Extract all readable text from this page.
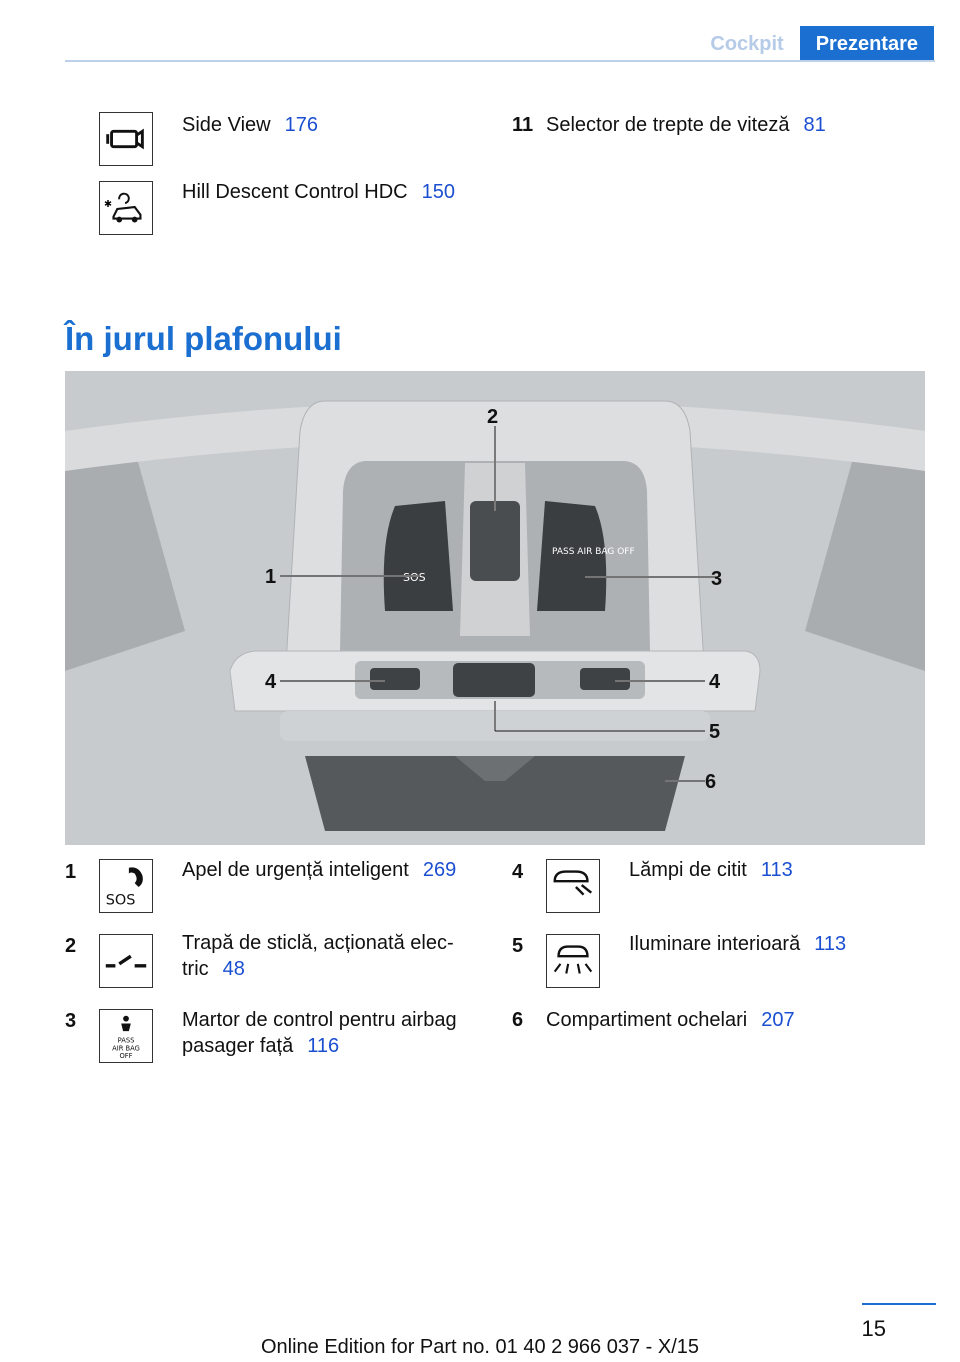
Cockpit	Prezentare
Side View 176
✱
Hill Descent Control HDC 150
11 Selector de trepte de viteză 81
În jurul plafonului
SOS
PASS AIR BAG OFF
2
1	3
4	4
5
6
1
SOS
Apel de urgență inteligent 269
2	Trapă de sticlă, acționată elec-
tric 48
3
PASS
AIR BAG
OFF
Martor de control pentru airbag
pasager față 116
4	Lămpi de citit 113
5	Iluminare interioară 113
6 Compartiment ochelari 207
15
Online Edition for Part no. 01 40 2 966 037 - X/15
